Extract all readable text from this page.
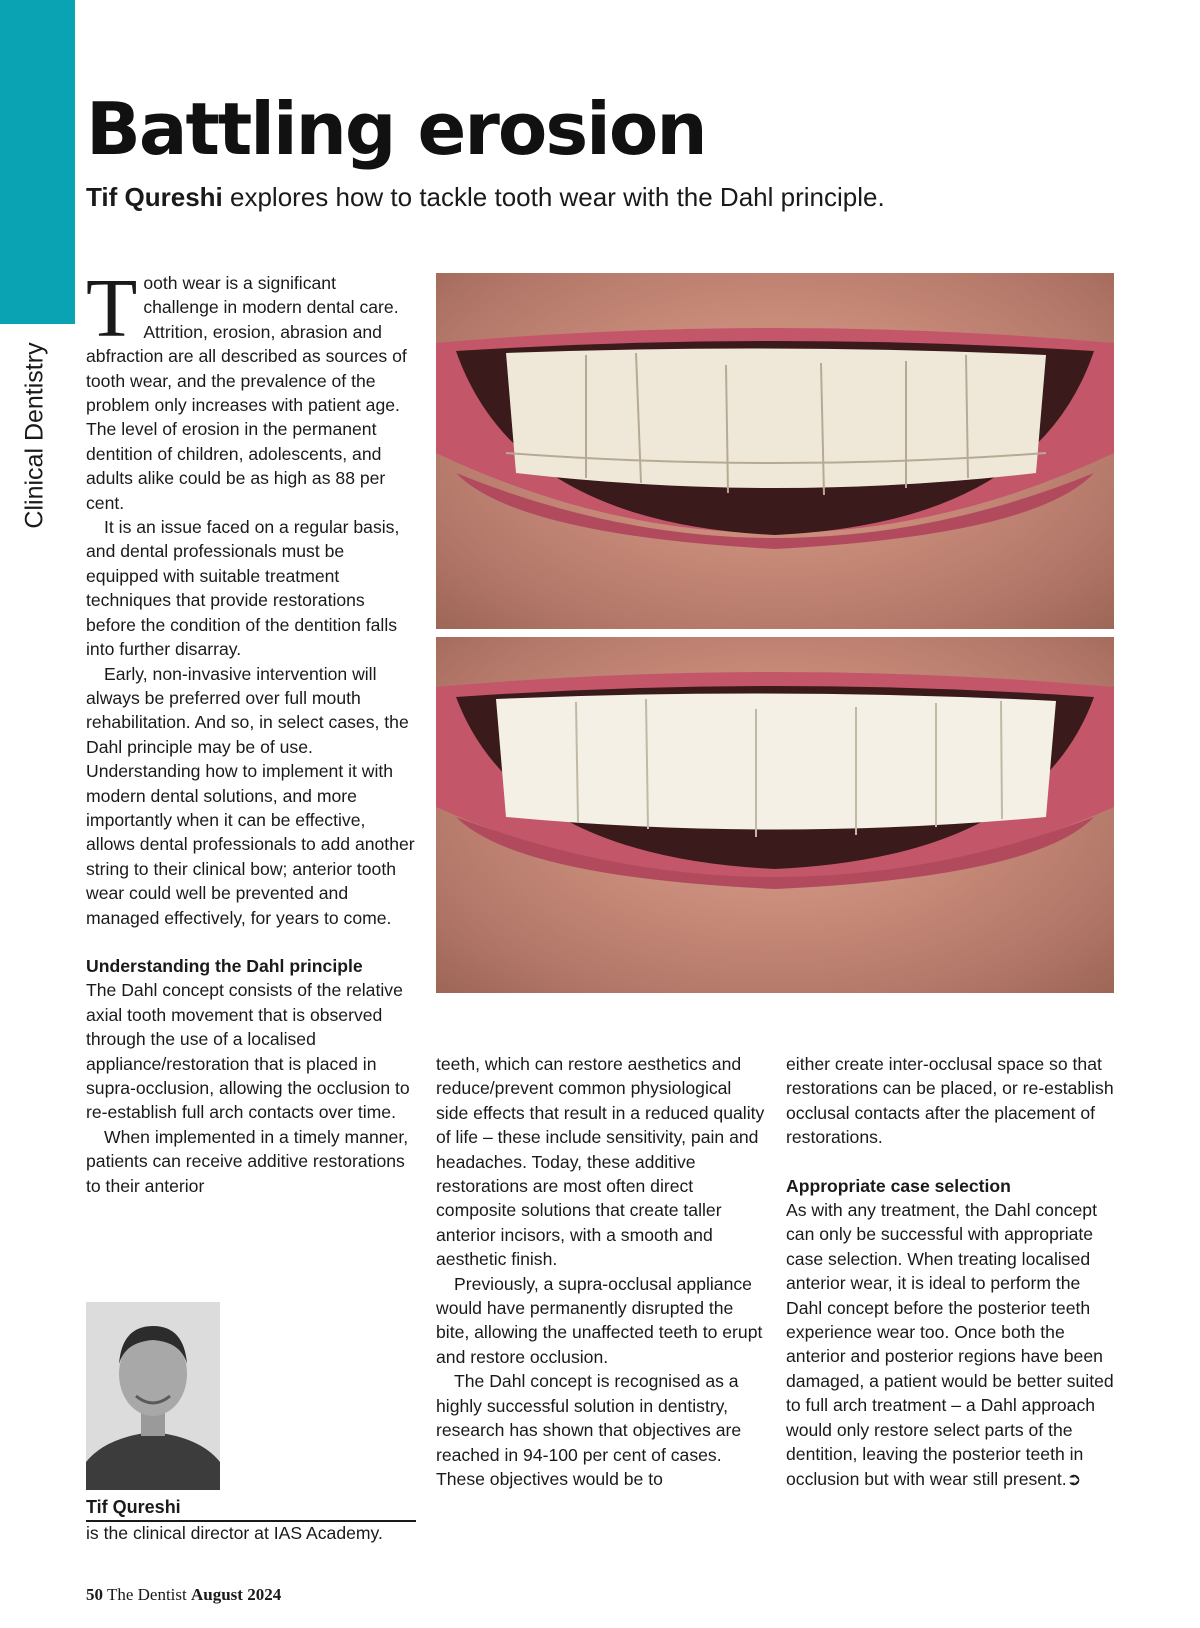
Clinical Dentistry
Battling erosion
Tif Qureshi explores how to tackle tooth wear with the Dahl principle.

Tooth wear is a significant challenge in modern dental care. Attrition, erosion, abrasion and abfraction are all described as sources of tooth wear, and the prevalence of the problem only increases with patient age. The level of erosion in the permanent dentition of children, adolescents, and adults alike could be as high as 88 per cent.

It is an issue faced on a regular basis, and dental professionals must be equipped with suitable treatment techniques that provide restorations before the condition of the dentition falls into further disarray.

Early, non-invasive intervention will always be preferred over full mouth rehabilitation. And so, in select cases, the Dahl principle may be of use. Understanding how to implement it with modern dental solutions, and more importantly when it can be effective, allows dental professionals to add another string to their clinical bow; anterior tooth wear could well be prevented and managed effectively, for years to come.

Understanding the Dahl principle

The Dahl concept consists of the relative axial tooth movement that is observed through the use of a localised appliance/restoration that is placed in supra-occlusion, allowing the occlusion to re-establish full arch contacts over time.

When implemented in a timely manner, patients can receive additive restorations to their anterior

teeth, which can restore aesthetics and reduce/prevent common physiological side effects that result in a reduced quality of life – these include sensitivity, pain and headaches. Today, these additive restorations are most often direct composite solutions that create taller anterior incisors, with a smooth and aesthetic finish.

Previously, a supra-occlusal appliance would have permanently disrupted the bite, allowing the unaffected teeth to erupt and restore occlusion.

The Dahl concept is recognised as a highly successful solution in dentistry, research has shown that objectives are reached in 94-100 per cent of cases. These objectives would be to

either create inter-occlusal space so that restorations can be placed, or re-establish occlusal contacts after the placement of restorations.

Appropriate case selection

As with any treatment, the Dahl concept can only be successful with appropriate case selection. When treating localised anterior wear, it is ideal to perform the Dahl concept before the posterior teeth experience wear too. Once both the anterior and posterior regions have been damaged, a patient would be better suited to full arch treatment – a Dahl approach would only restore select parts of the dentition, leaving the posterior teeth in occlusion but with wear still present.➲

Tif Qureshi
is the clinical director at IAS Academy.
50 The Dentist August 2024
